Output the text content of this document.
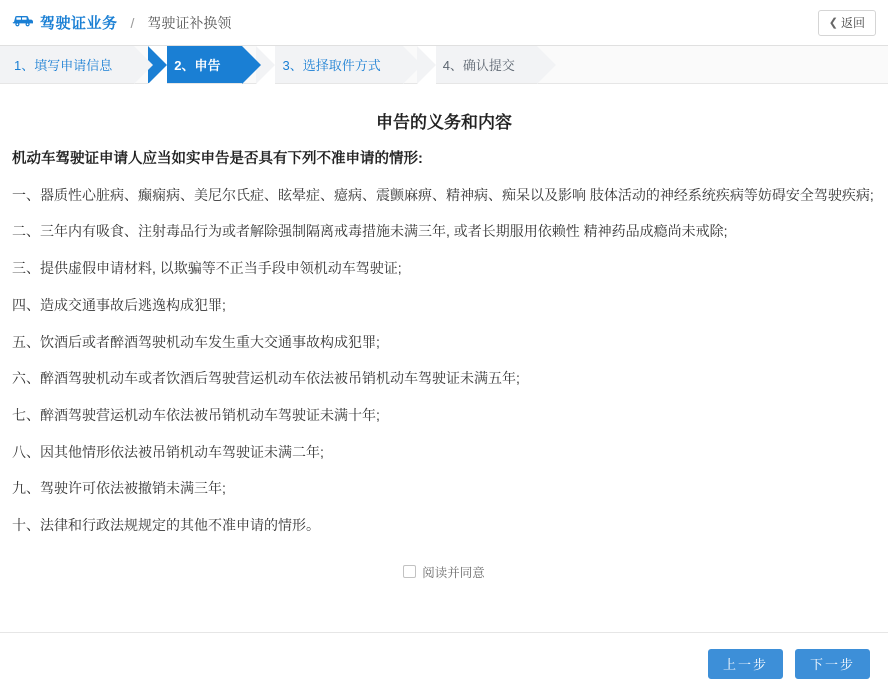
驾驶证业务 / 驾驶证补换领	❮ 返回
1、填写申请信息	2、申告	3、选择取件方式	4、确认提交
申告的义务和内容
机动车驾驶证申请人应当如实申告是否具有下列不准申请的情形:
一、器质性心脏病、癫痫病、美尼尔氏症、眩晕症、癔病、震颤麻痹、精神病、痴呆以及影响 肢体活动的神经系统疾病等妨碍安全驾驶疾病;
二、三年内有吸食、注射毒品行为或者解除强制隔离戒毒措施未满三年, 或者长期服用依赖性 精神药品成瘾尚未戒除;
三、提供虚假申请材料, 以欺骗等不正当手段申领机动车驾驶证;
四、造成交通事故后逃逸构成犯罪;
五、饮酒后或者醉酒驾驶机动车发生重大交通事故构成犯罪;
六、醉酒驾驶机动车或者饮酒后驾驶营运机动车依法被吊销机动车驾驶证未满五年;
七、醉酒驾驶营运机动车依法被吊销机动车驾驶证未满十年;
八、因其他情形依法被吊销机动车驾驶证未满二年;
九、驾驶许可依法被撤销未满三年;
十、法律和行政法规规定的其他不准申请的情形。
阅读并同意
上一步	下一步
